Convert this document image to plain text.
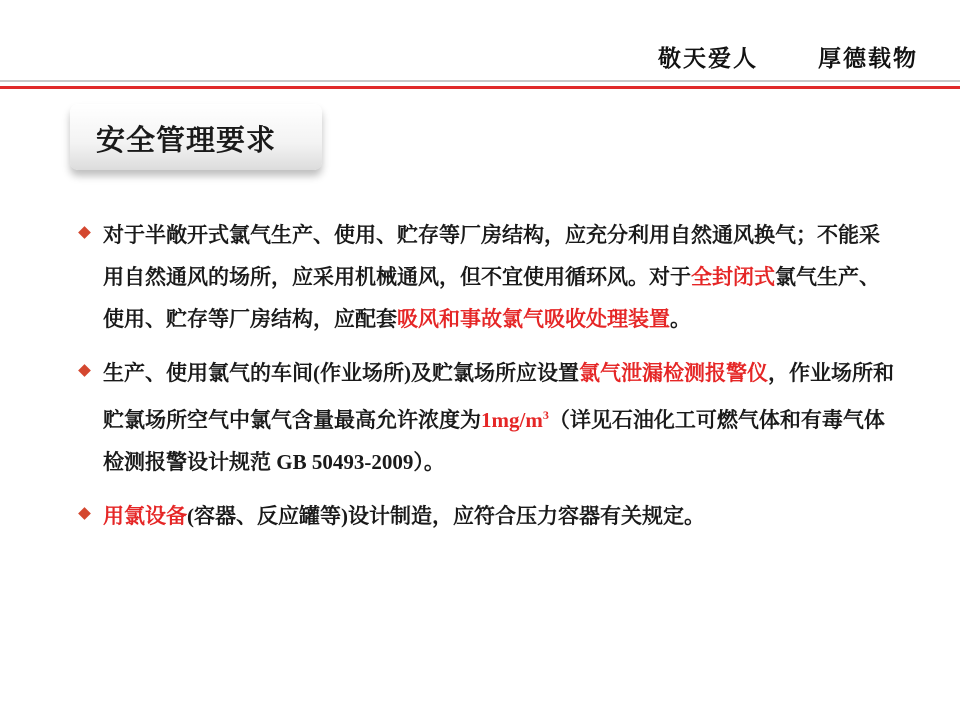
敬天爱人	厚德载物
安全管理要求
对于半敞开式氯气生产、使用、贮存等厂房结构，应充分利用自然通风换气；不能采用自然通风的场所，应采用机械通风，但不宜使用循环风。对于全封闭式氯气生产、使用、贮存等厂房结构，应配套吸风和事故氯气吸收处理装置。
生产、使用氯气的车间(作业场所)及贮氯场所应设置氯气泄漏检测报警仪，作业场所和贮氯场所空气中氯气含量最高允许浓度为$1mg/m^3$（详见石油化工可燃气体和有毒气体检测报警设计规范 GB 50493-2009）。
用氯设备(容器、反应罐等)设计制造，应符合压力容器有关规定。
